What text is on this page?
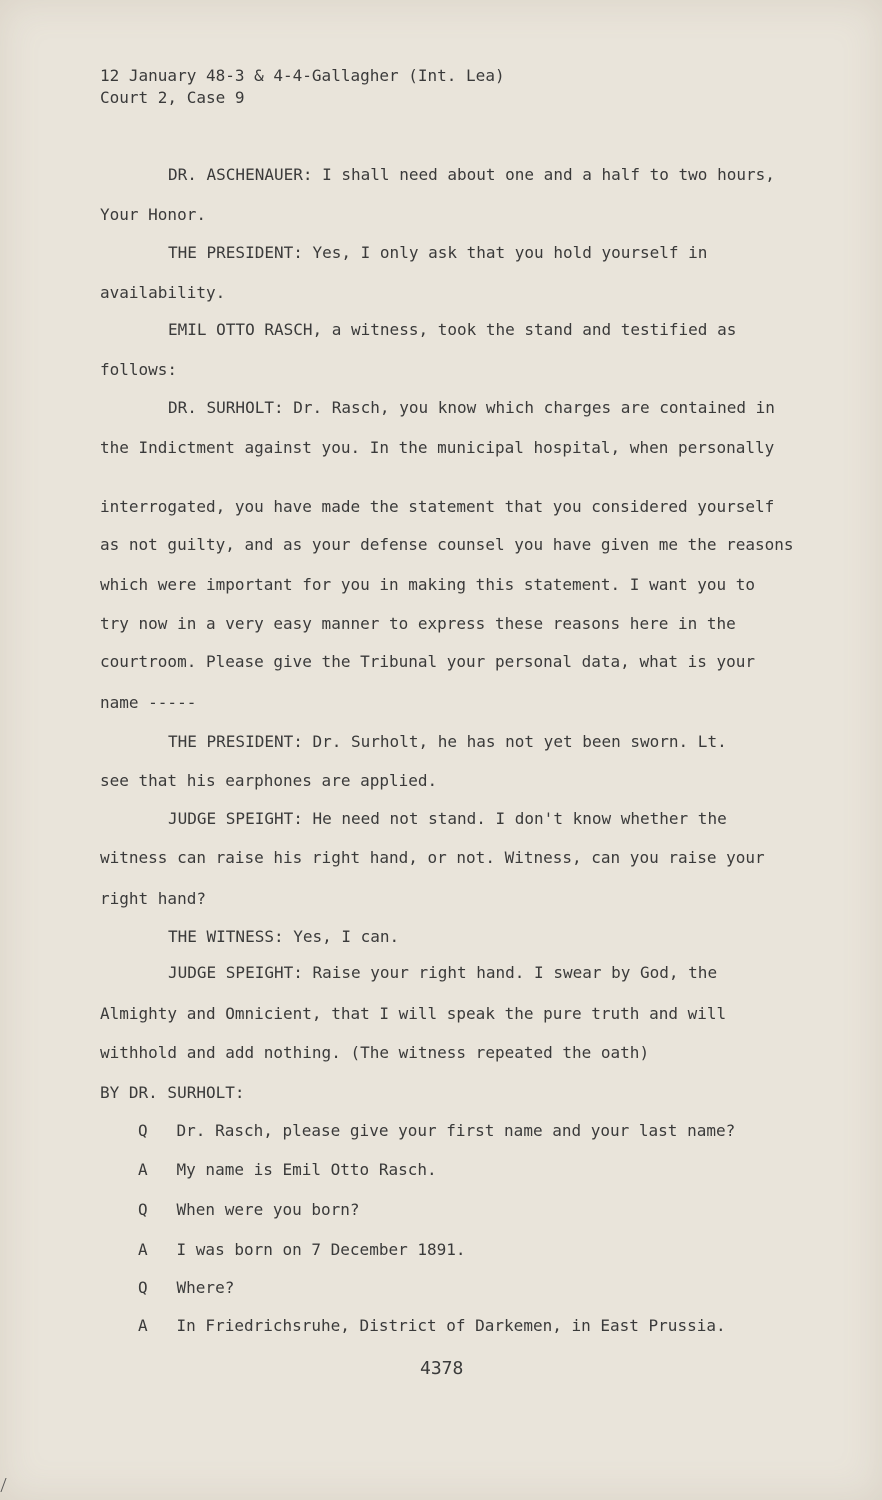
12 January 48-3 & 4-4-Gallagher (Int. Lea)
Court 2, Case 9
DR. ASCHENAUER: I shall need about one and a half to two hours,
Your Honor.
THE PRESIDENT: Yes, I only ask that you hold yourself in
availability.
EMIL OTTO RASCH, a witness, took the stand and testified as
follows:
DR. SURHOLT: Dr. Rasch, you know which charges are contained in
the Indictment against you. In the municipal hospital, when personally
interrogated, you have made the statement that you considered yourself
as not guilty, and as your defense counsel you have given me the reasons
which were important for you in making this statement. I want you to
try now in a very easy manner to express these reasons here in the
courtroom. Please give the Tribunal your personal data, what is your
name -----
THE PRESIDENT: Dr. Surholt, he has not yet been sworn. Lt.
see that his earphones are applied.
JUDGE SPEIGHT: He need not stand. I don't know whether the
witness can raise his right hand, or not. Witness, can you raise your
right hand?
THE WITNESS: Yes, I can.
JUDGE SPEIGHT: Raise your right hand. I swear by God, the
Almighty and Omnicient, that I will speak the pure truth and will
withhold and add nothing. (The witness repeated the oath)
BY DR. SURHOLT:
Q   Dr. Rasch, please give your first name and your last name?
A   My name is Emil Otto Rasch.
Q   When were you born?
A   I was born on 7 December 1891.
Q   Where?
A   In Friedrichsruhe, District of Darkemen, in East Prussia.
4378
